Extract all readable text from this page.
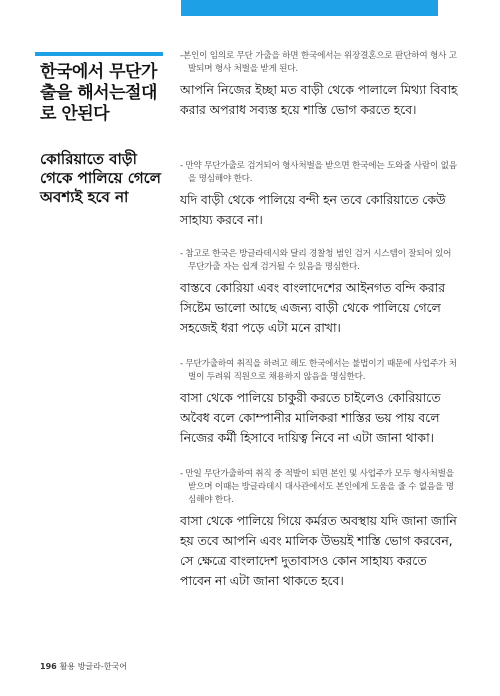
한국에서 무단가출을 해서는절대로 안된다
কোরিয়াতে বাড়ী গেকে পালিয়ে গেলে অবশ্যই হবে না
-본인이 임의로 무단 가출을 하면 한국에서는 위장결혼으로 판단하여 형사 고발되며 형사 처벌을 받게 된다.
আপনি নিজের ইচ্ছা মত বাড়ী থেকে পালালে মিথ্যা বিবাহ করার অপরাধ সব্যস্ত হয়ে শাস্তি ভোগ করতে হবে।
- 만약 무단가출로 검거되어 형사처벌을 받으면 한국에는 도와줄 사람이 없음을 명심해야 한다.
যদি বাড়ী থেকে পালিয়ে বন্দী হন তবে কোরিয়াতে কেউ সাহায্য করবে না।
- 참고로 한국은 방글라데시와 달리 경찰청 범인 검거 시스템이 잘되어 있어 무단가출 자는 쉽게 검거될 수 있음을 명심한다.
বাস্তবে কোরিয়া এবং বাংলাদেশের আইনগত বন্দি করার সিষ্টেম ভালো আছে এজন্য বাড়ী থেকে পালিয়ে গেলে সহজেই ধরা পড়ে এটা মনে রাখা।
- 무단가출하여 취직을 하려고 해도 한국에서는 불법이기 때문에 사업주가 처벌이 두려워 직원으로 채용하지 않음을 명심한다.
বাসা থেকে পালিয়ে চাকুরী করতে চাইলেও কোরিয়াতে অবৈধ বলে কোম্পানীর মালিকরা শাস্তির ভয় পায় বলে নিজের কর্মী হিসাবে দায়িত্ব নিবে না এটা জানা থাকা।
- 만일 무단가출하여 취직 중 적발이 되면 본인 및 사업주가 모두 형사처벌을 받으며 이때는 방글라데시 대사관에서도 본인에게 도움을 줄 수 없음을 명심해야 한다.
বাসা থেকে পালিয়ে গিয়ে কর্মরত অবস্থায় যদি জানা জানি হয় তবে আপনি এবং মালিক উভয়ই শাস্তি ভোগ করবেন, সে ক্ষেত্রে বাংলাদেশ দুতাবাসও কোন সাহায্য করতে পাবেন না এটা জানা থাকতে হবে।
196 활용 방글라-한국어
